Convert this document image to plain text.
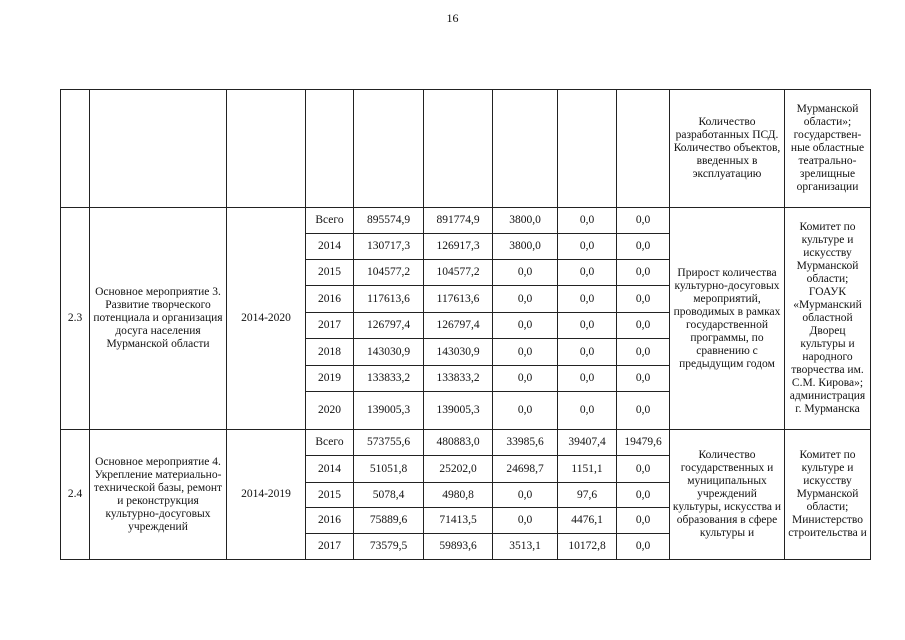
16
									Количество разработанных ПСД. Количество объектов, введенных в эксплуатацию	Мурманской области»; государствен-ные областные театрально-зрелищные организации
2.3	Основное мероприятие 3. Развитие творческого потенциала и организация досуга населения Мурманской области	2014-2020	Всего	895574,9	891774,9	3800,0	0,0	0,0	Прирост количества культурно-досуговых мероприятий, проводимых в рамках государственной программы, по сравнению с предыдущим годом	Комитет по культуре и искусству Мурманской области; ГОАУК «Мурманский областной Дворец культуры и народного творчества им. С.М. Кирова»; администрация г. Мурманска
			2014	130717,3	126917,3	3800,0	0,0	0,0		
			2015	104577,2	104577,2	0,0	0,0	0,0		
			2016	117613,6	117613,6	0,0	0,0	0,0		
			2017	126797,4	126797,4	0,0	0,0	0,0		
			2018	143030,9	143030,9	0,0	0,0	0,0		
			2019	133833,2	133833,2	0,0	0,0	0,0		
			2020	139005,3	139005,3	0,0	0,0	0,0		
2.4	Основное мероприятие 4. Укрепление материально-технической базы, ремонт и реконструкция культурно-досуговых учреждений	2014-2019	Всего	573755,6	480883,0	33985,6	39407,4	19479,6	Количество государственных и муниципальных учреждений культуры, искусства и образования в сфере культуры и	Комитет по культуре и искусству Мурманской области; Министерство строительства и
			2014	51051,8	25202,0	24698,7	1151,1	0,0		
			2015	5078,4	4980,8	0,0	97,6	0,0		
			2016	75889,6	71413,5	0,0	4476,1	0,0		
			2017	73579,5	59893,6	3513,1	10172,8	0,0		
